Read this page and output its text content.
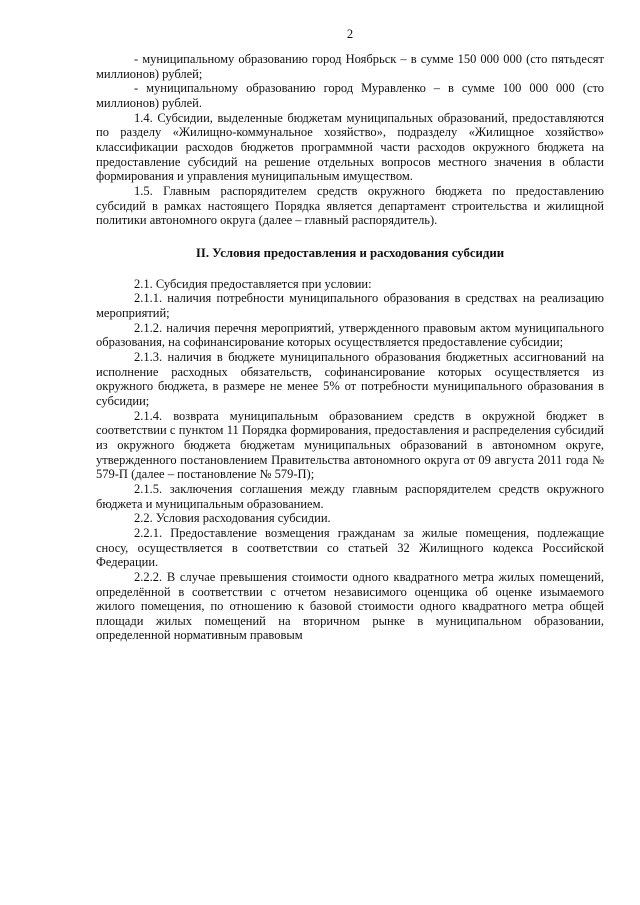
2

- муниципальному образованию город Ноябрьск – в сумме 150 000 000 (сто пятьдесят миллионов) рублей;

- муниципальному образованию город Муравленко – в сумме 100 000 000 (сто миллионов) рублей.

1.4. Субсидии, выделенные бюджетам муниципальных образований, предоставляются по разделу «Жилищно-коммунальное хозяйство», подразделу «Жилищное хозяйство» классификации расходов бюджетов программной части расходов окружного бюджета на предоставление субсидий на решение отдельных вопросов местного значения в области формирования и управления муниципальным имуществом.

1.5. Главным распорядителем средств окружного бюджета по предоставлению субсидий в рамках настоящего Порядка является департамент строительства и жилищной политики автономного округа (далее – главный распорядитель).

II. Условия предоставления и расходования субсидии

2.1. Субсидия предоставляется при условии:

2.1.1. наличия потребности муниципального образования в средствах на реализацию мероприятий;

2.1.2. наличия перечня мероприятий, утвержденного правовым актом муниципального образования, на софинансирование которых осуществляется предоставление субсидии;

2.1.3. наличия в бюджете муниципального образования бюджетных ассигнований на исполнение расходных обязательств, софинансирование которых осуществляется из окружного бюджета, в размере не менее 5% от потребности муниципального образования в субсидии;

2.1.4. возврата муниципальным образованием средств в окружной бюджет в соответствии с пунктом 11 Порядка формирования, предоставления и распределения субсидий из окружного бюджета бюджетам муниципальных образований в автономном округе, утвержденного постановлением Правительства автономного округа от 09 августа 2011 года № 579-П (далее – постановление № 579-П);

2.1.5. заключения соглашения между главным распорядителем средств окружного бюджета и муниципальным образованием.

2.2. Условия расходования субсидии.

2.2.1. Предоставление возмещения гражданам за жилые помещения, подлежащие сносу, осуществляется в соответствии со статьей 32 Жилищного кодекса Российской Федерации.

2.2.2. В случае превышения стоимости одного квадратного метра жилых помещений, определённой в соответствии с отчетом независимого оценщика об оценке изымаемого жилого помещения, по отношению к базовой стоимости одного квадратного метра общей площади жилых помещений на вторичном рынке в муниципальном образовании, определенной нормативным правовым
